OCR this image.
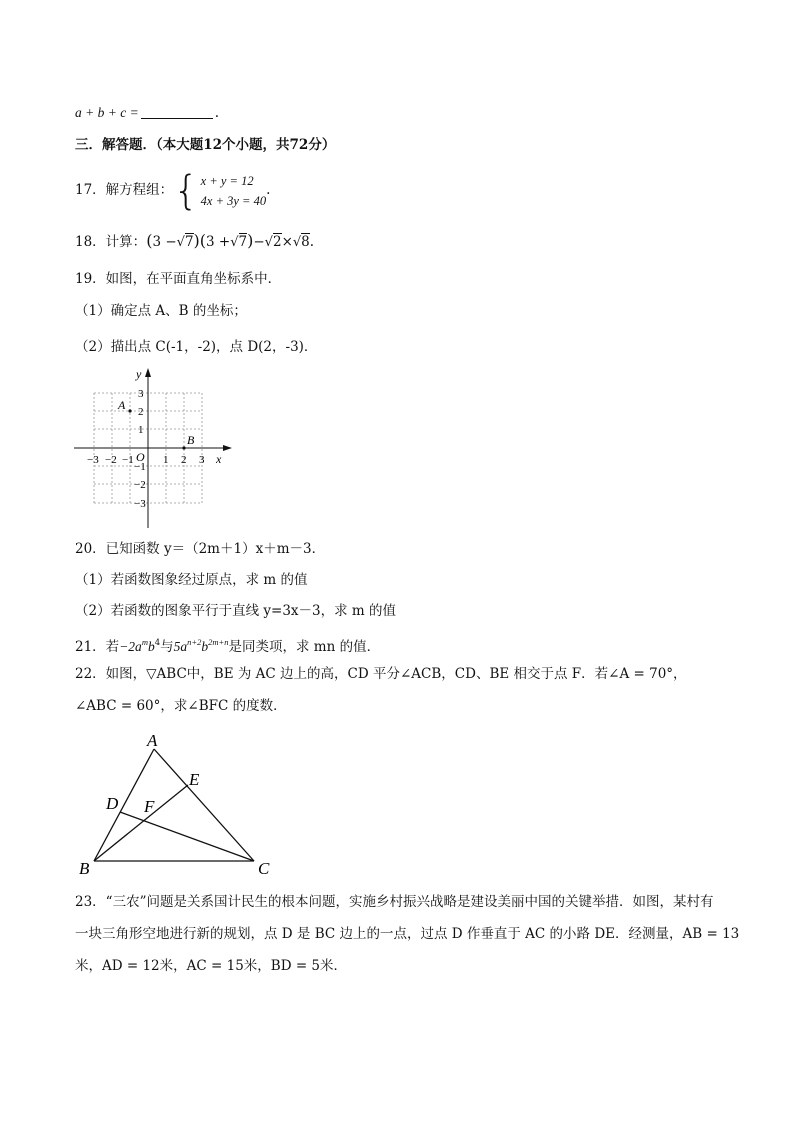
a + b + c =	.
三．解答题．（本大题12个小题，共72分）
17．解方程组： { x + y = 12
4x + 3y = 40
.
18．计算：(3 −√7)(3 +√7)−√2×√8.
19．如图，在平面直角坐标系中．
（1）确定点 A、B 的坐标；
（2）描出点 C(-1，-2)，点 D(2，-3)．
x
y
O
−3 −2 −1	1 2 3
3
2
1
−1
−2
−3
A
B
20．已知函数 y＝（2m＋1）x＋m－3．
（1）若函数图象经过原点，求 m 的值
（2）若函数的图象平行于直线 y=3x－3，求 m 的值
21．若$-2a^mb^4$与$5a^{n+2}b^{2m+n}$是同类项，求 mn 的值．
22．如图，▽ABC中，BE 为 AC 边上的高，CD 平分∠ACB，CD、BE 相交于点 F．若∠A = 70°，
∠ABC = 60°，求∠BFC 的度数．
A
B	C
D
E
F
23．“三农”问题是关系国计民生的根本问题，实施乡村振兴战略是建设美丽中国的关键举措．如图，某村有
一块三角形空地进行新的规划，点 D 是 BC 边上的一点，过点 D 作垂直于 AC 的小路 DE．经测量，AB = 13
米，AD = 12米，AC = 15米，BD = 5米．
